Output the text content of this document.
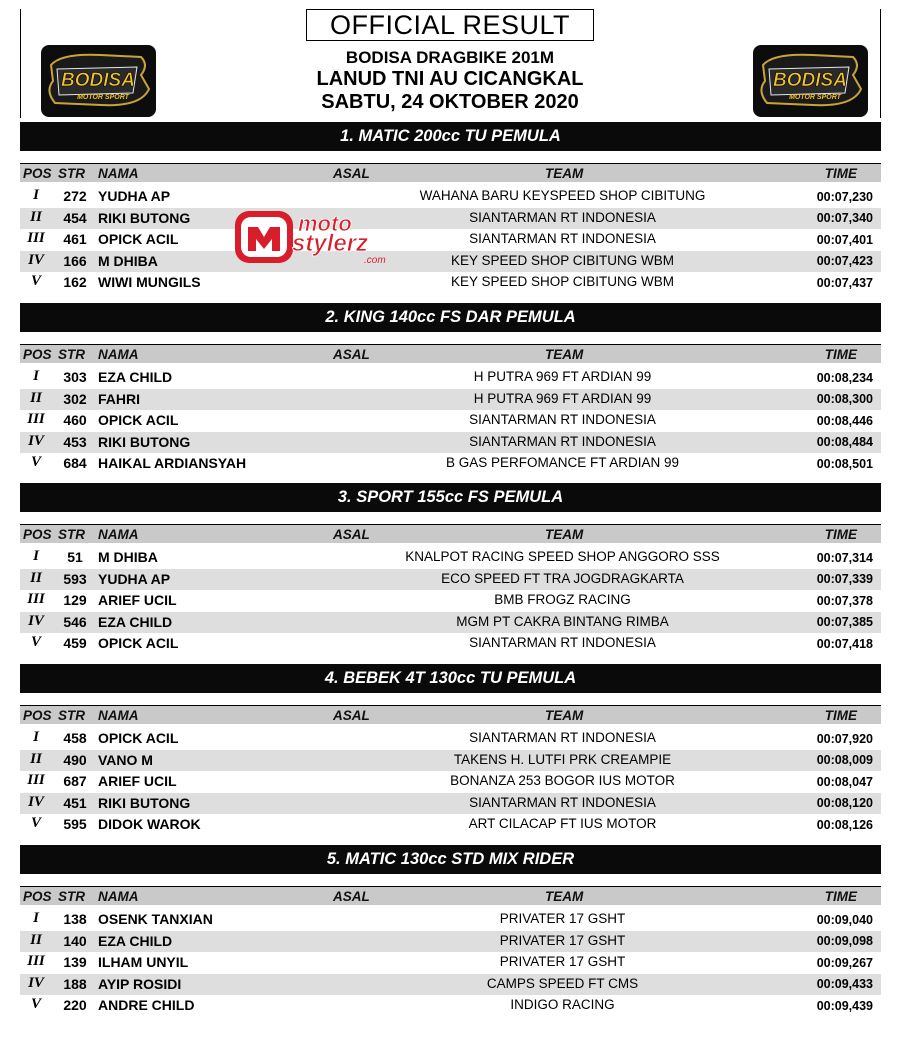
OFFICIAL RESULT
BODISA DRAGBIKE 201M
LANUD TNI AU CICANGKAL
SABTU, 24 OKTOBER 2020
BODISA
MOTOR SPORT
BODISA
MOTOR SPORT
1. MATIC 200cc TU PEMULA
POS STR NAMA	ASAL	TEAM	TIME
I	272 YUDHA AP	WAHANA BARU KEYSPEED SHOP CIBITUNG	00:07,230
II	454 RIKI BUTONG	SIANTARMAN RT INDONESIA	00:07,340
III	461 OPICK ACIL	SIANTARMAN RT INDONESIA	00:07,401
IV	166 M DHIBA	KEY SPEED SHOP CIBITUNG WBM	00:07,423
V	162 WIWI MUNGILS	KEY SPEED SHOP CIBITUNG WBM	00:07,437
2. KING 140cc FS DAR PEMULA
POS STR NAMA	ASAL	TEAM	TIME
I	303 EZA CHILD	H PUTRA 969 FT ARDIAN 99	00:08,234
II	302 FAHRI	H PUTRA 969 FT ARDIAN 99	00:08,300
III	460 OPICK ACIL	SIANTARMAN RT INDONESIA	00:08,446
IV	453 RIKI BUTONG	SIANTARMAN RT INDONESIA	00:08,484
V	684 HAIKAL ARDIANSYAH	B GAS PERFOMANCE FT ARDIAN 99	00:08,501
3. SPORT 155cc FS PEMULA
POS STR NAMA	ASAL	TEAM	TIME
I	51	M DHIBA	KNALPOT RACING SPEED SHOP ANGGORO SSS	00:07,314
II	593 YUDHA AP	ECO SPEED FT TRA JOGDRAGKARTA	00:07,339
III	129 ARIEF UCIL	BMB FROGZ RACING	00:07,378
IV	546 EZA CHILD	MGM PT CAKRA BINTANG RIMBA	00:07,385
V	459 OPICK ACIL	SIANTARMAN RT INDONESIA	00:07,418
4. BEBEK 4T 130cc TU PEMULA
POS STR NAMA	ASAL	TEAM	TIME
I	458 OPICK ACIL	SIANTARMAN RT INDONESIA	00:07,920
II	490 VANO M	TAKENS H. LUTFI PRK CREAMPIE	00:08,009
III	687 ARIEF UCIL	BONANZA 253 BOGOR IUS MOTOR	00:08,047
IV	451 RIKI BUTONG	SIANTARMAN RT INDONESIA	00:08,120
V	595 DIDOK WAROK	ART CILACAP FT IUS MOTOR	00:08,126
5. MATIC 130cc STD MIX RIDER
POS STR NAMA	ASAL	TEAM	TIME
I	138 OSENK TANXIAN	PRIVATER 17 GSHT	00:09,040
II	140 EZA CHILD	PRIVATER 17 GSHT	00:09,098
III	139 ILHAM UNYIL	PRIVATER 17 GSHT	00:09,267
IV	188 AYIP ROSIDI	CAMPS SPEED FT CMS	00:09,433
V	220 ANDRE CHILD	INDIGO RACING	00:09,439
moto
stylerz
.com
